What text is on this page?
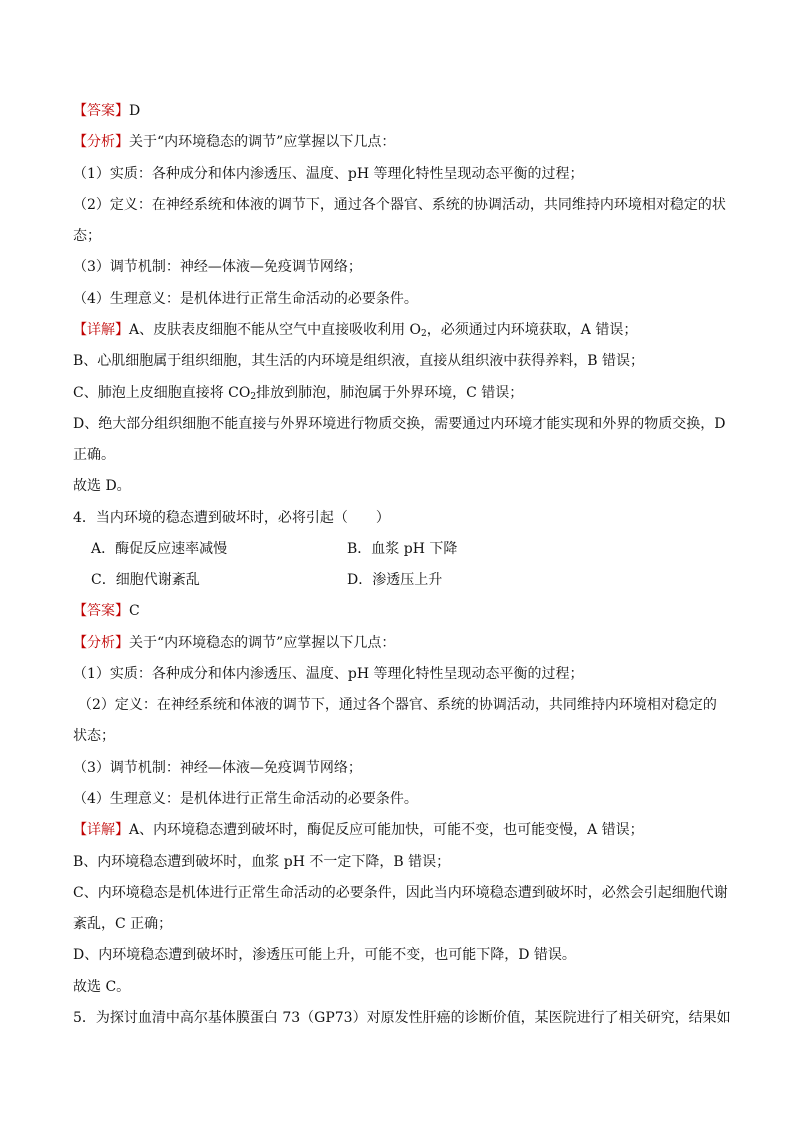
【答案】D
【分析】关于“内环境稳态的调节”应掌握以下几点：
（1）实质：各种成分和体内渗透压、温度、pH 等理化特性呈现动态平衡的过程；
（2）定义：在神经系统和体液的调节下，通过各个器官、系统的协调活动，共同维持内环境相对稳定的状
态；
（3）调节机制：神经—体液—免疫调节网络；
（4）生理意义：是机体进行正常生命活动的必要条件。
【详解】A、皮肤表皮细胞不能从空气中直接吸收利用 $O_2$，必须通过内环境获取，A 错误；
B、心肌细胞属于组织细胞，其生活的内环境是组织液，直接从组织液中获得养料，B 错误；
C、肺泡上皮细胞直接将 $CO_2$排放到肺泡，肺泡属于外界环境，C 错误；
D、绝大部分组织细胞不能直接与外界环境进行物质交换，需要通过内环境才能实现和外界的物质交换，D
正确。
故选 D。
4．当内环境的稳态遭到破坏时，必将引起（　　）
A．酶促反应速率减慢	B．血浆 pH 下降
C．细胞代谢紊乱	D．渗透压上升
【答案】C
【分析】关于“内环境稳态的调节”应掌握以下几点：
（1）实质：各种成分和体内渗透压、温度、pH 等理化特性呈现动态平衡的过程；
（2）定义：在神经系统和体液的调节下，通过各个器官、系统的协调活动，共同维持内环境相对稳定的
状态；
（3）调节机制：神经—体液—免疫调节网络；
（4）生理意义：是机体进行正常生命活动的必要条件。
【详解】A、内环境稳态遭到破坏时，酶促反应可能加快，可能不变，也可能变慢，A 错误；
B、内环境稳态遭到破坏时，血浆 pH 不一定下降，B 错误；
C、内环境稳态是机体进行正常生命活动的必要条件，因此当内环境稳态遭到破坏时，必然会引起细胞代谢
紊乱，C 正确；
D、内环境稳态遭到破坏时，渗透压可能上升，可能不变，也可能下降，D 错误。
故选 C。
5．为探讨血清中高尔基体膜蛋白 73（GP73）对原发性肝癌的诊断价值，某医院进行了相关研究，结果如
